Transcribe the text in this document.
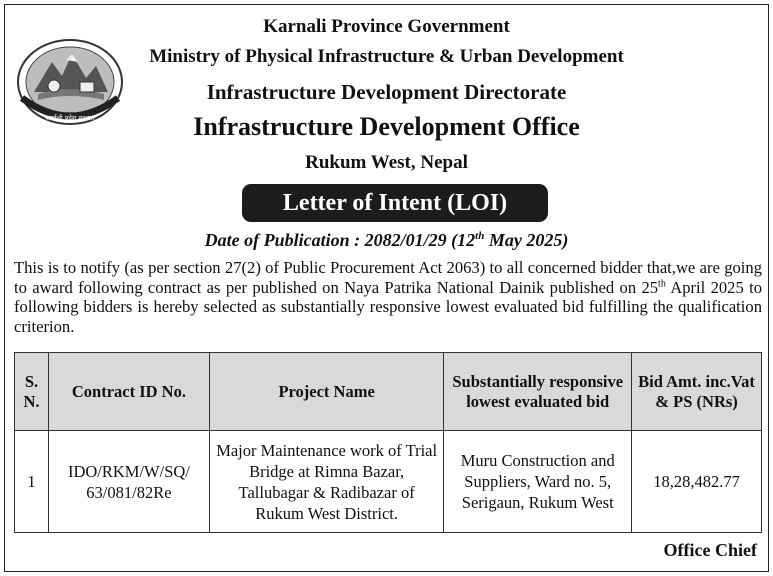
कर्णाली प्रदेश सरकार
Karnali Province Government
Ministry of Physical Infrastructure & Urban Development
Infrastructure Development Directorate
Infrastructure Development Office
Rukum West, Nepal
Letter of Intent (LOI)
Date of Publication : 2082/01/29 (12th May 2025)

This is to notify (as per section 27(2) of Public Procurement Act 2063) to all concerned bidder that,we are going to award following contract as per published on Naya Patrika National Dainik published on 25th April 2025 to following bidders is hereby selected as substantially responsive lowest evaluated bid fulfilling the qualification criterion.

S. N.	Contract ID No.	Project Name	Substantially responsive lowest evaluated bid	Bid Amt. inc.Vat & PS (NRs)
1	IDO/RKM/W/SQ/ 63/081/82Re	Major Maintenance work of Trial Bridge at Rimna Bazar, Tallubagar & Radibazar of Rukum West District.	Muru Construction and Suppliers, Ward no. 5, Serigaun, Rukum West	18,28,482.77
Office Chief
